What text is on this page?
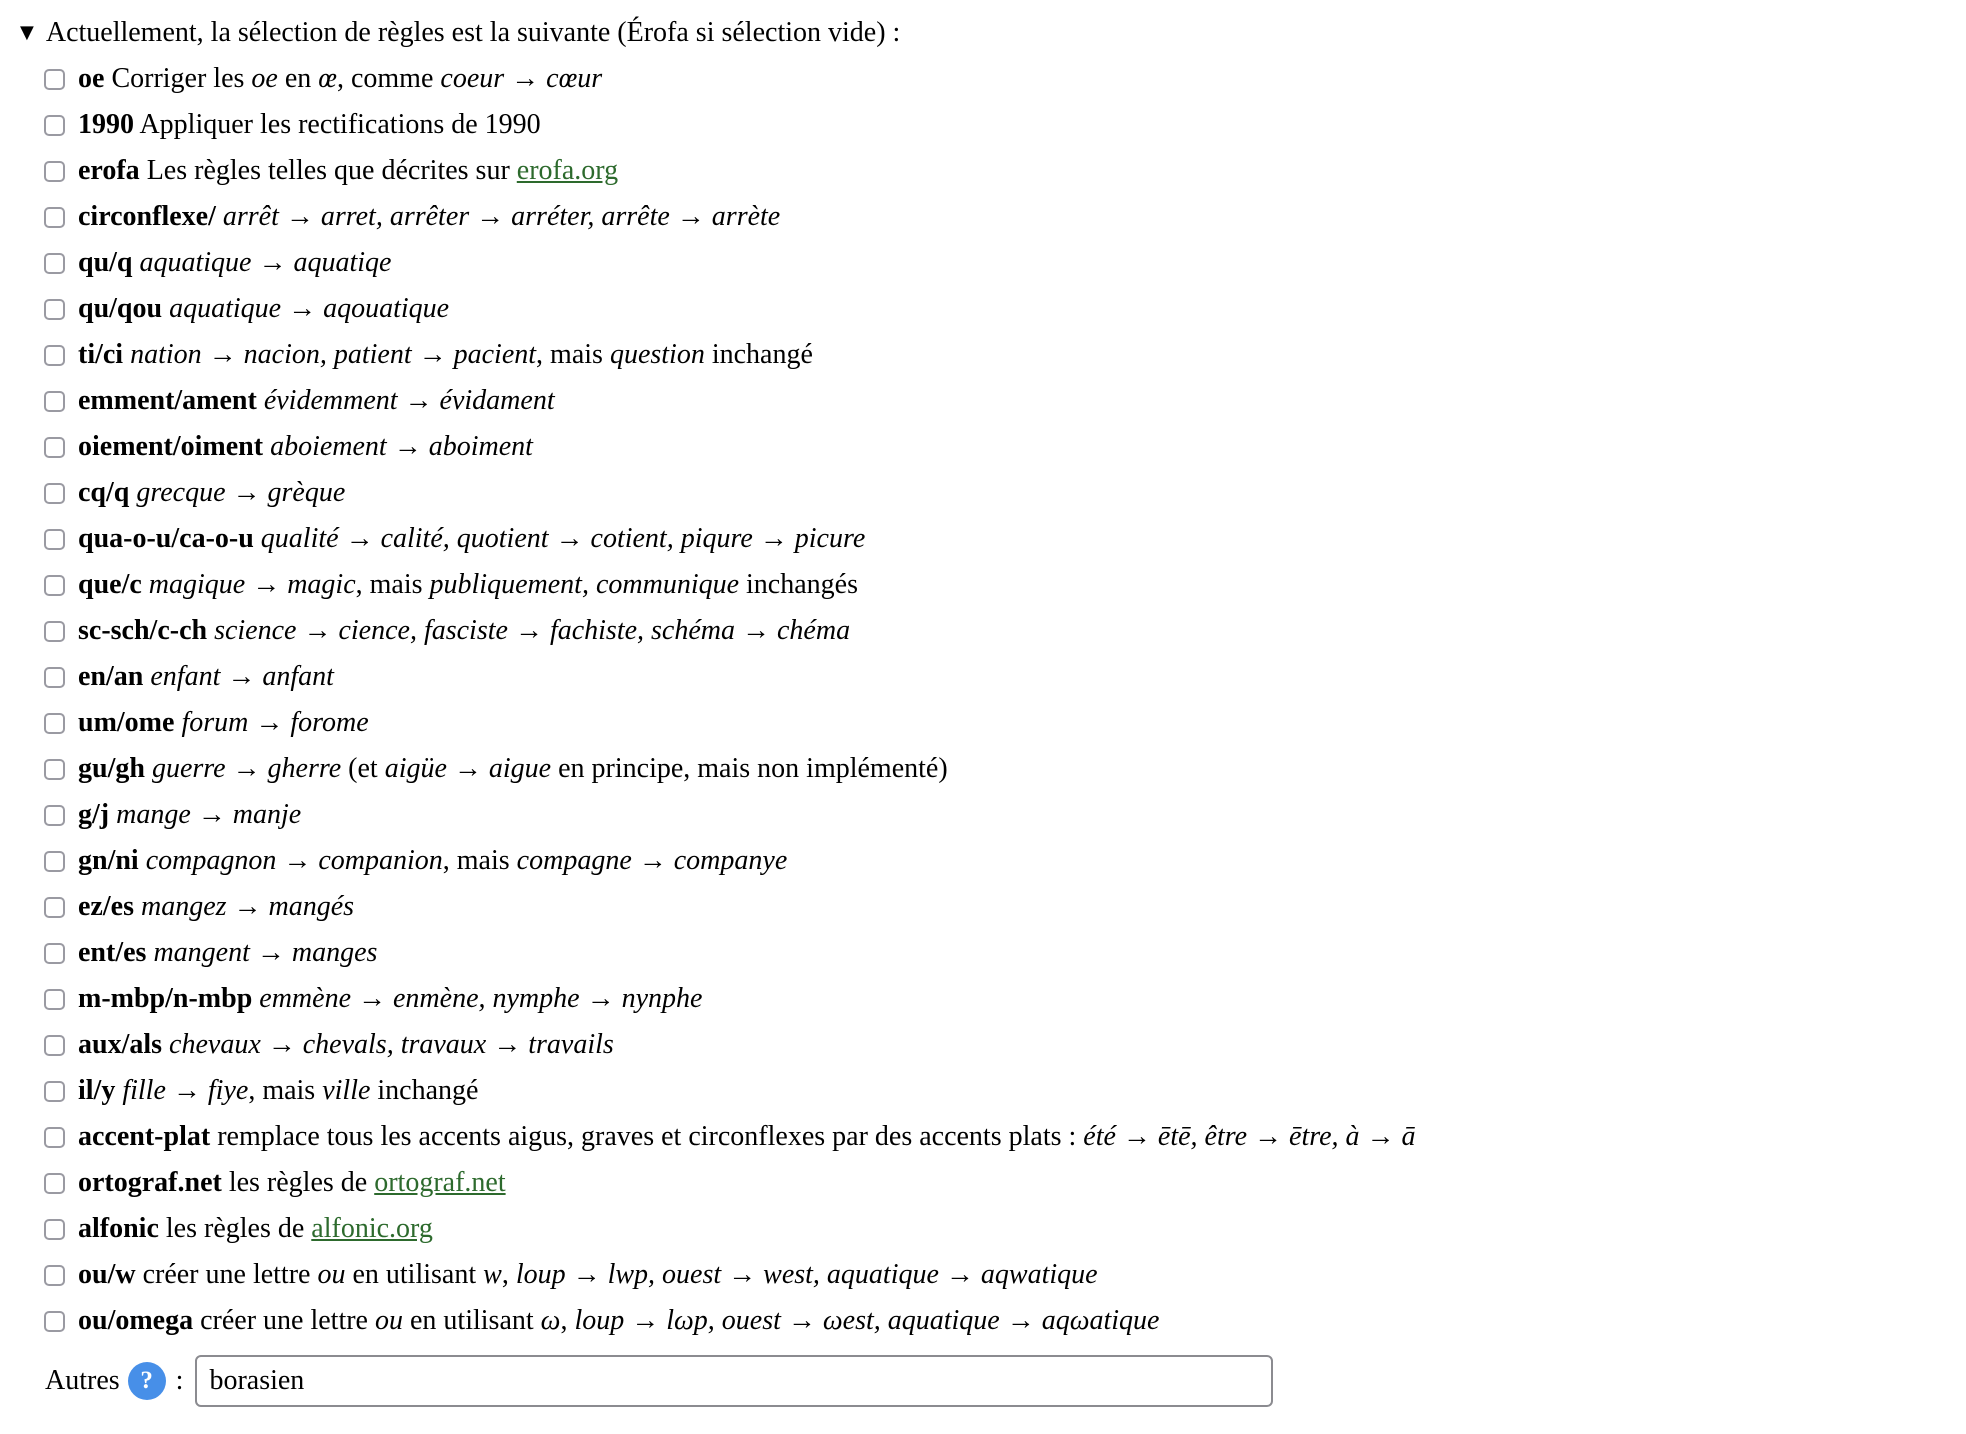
▼ Actuellement, la sélection de règles est la suivante (Érofa si sélection vide) :
oe Corriger les oe en œ, comme coeur → cœur
1990 Appliquer les rectifications de 1990
erofa Les règles telles que décrites sur erofa.org
circonflexe/ arrêt → arret, arrêter → arréter, arrête → arrète
qu/q aquatique → aquatiqe
qu/qou aquatique → aqouatique
ti/ci nation → nacion, patient → pacient, mais question inchangé
emment/ament évidemment → évidament
oiement/oiment aboiement → aboiment
cq/q grecque → grèque
qua-o-u/ca-o-u qualité → calité, quotient → cotient, piqure → picure
que/c magique → magic, mais publiquement, communique inchangés
sc-sch/c-ch science → cience, fasciste → fachiste, schéma → chéma
en/an enfant → anfant
um/ome forum → forome
gu/gh guerre → gherre (et aigüe → aigue en principe, mais non implémenté)
g/j mange → manje
gn/ni compagnon → companion, mais compagne → companye
ez/es mangez → mangés
ent/es mangent → manges
m-mbp/n-mbp emmène → enmène, nymphe → nynphe
aux/als chevaux → chevals, travaux → travails
il/y fille → fiye, mais ville inchangé
accent-plat remplace tous les accents aigus, graves et circonflexes par des accents plats : été → ētē, être → ētre, à → ā
ortograf.net les règles de ortograf.net
alfonic les règles de alfonic.org
ou/w créer une lettre ou en utilisant w, loup → lwp, ouest → west, aquatique → aqwatique
ou/omega créer une lettre ou en utilisant ω, loup → lωp, ouest → ωest, aquatique → aqωatique
Autres ? :
borasien
